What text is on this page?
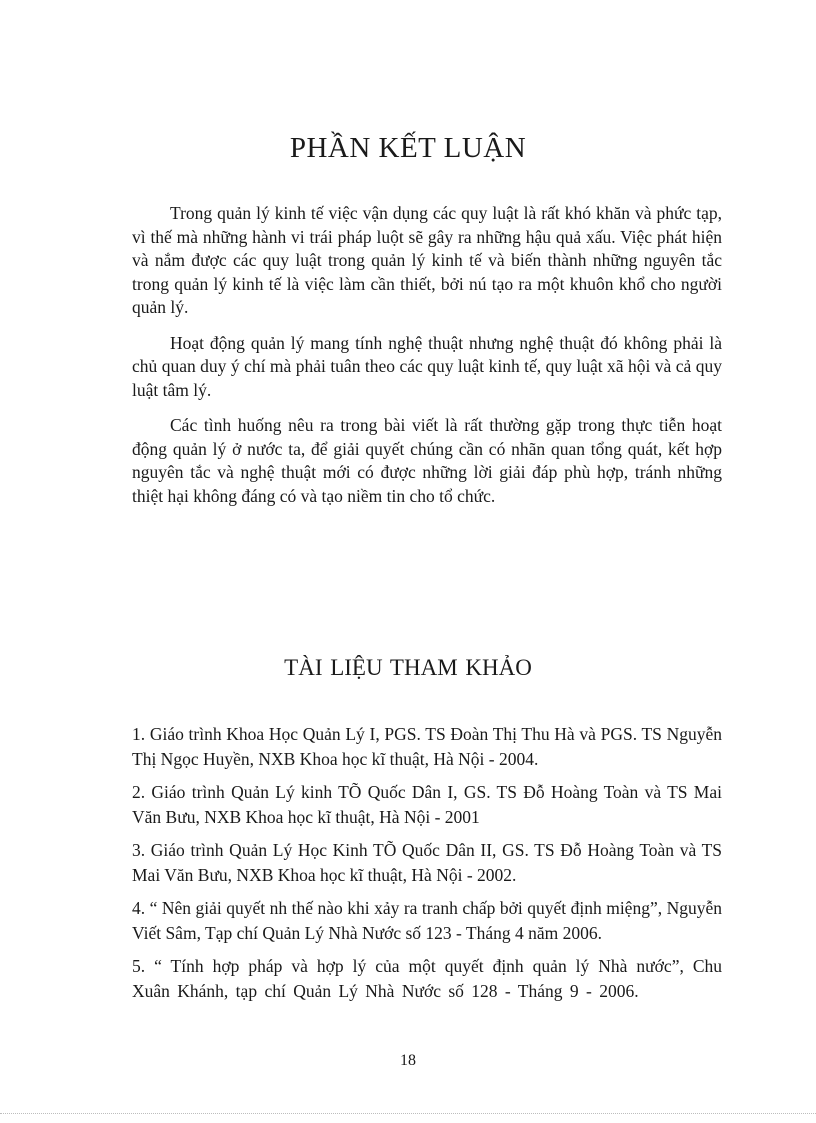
PHẦN KẾT LUẬN

Trong quản lý kinh tế việc vận dụng các quy luật là rất khó khăn và phức tạp, vì thế mà những hành vi trái pháp luột sẽ gây ra những hậu quả xấu. Việc phát hiện và nắm được các quy luật trong quản lý kinh tế và biến thành những nguyên tắc trong quản lý kinh tế là việc làm cần thiết, bởi nú tạo ra một khuôn khổ cho người quản lý.

Hoạt động quản lý mang tính nghệ thuật nhưng nghệ thuật đó không phải là chủ quan duy ý chí mà phải tuân theo các quy luật kinh tế, quy luật xã hội và cả quy luật tâm lý.

Các tình huống nêu ra trong bài viết là rất thường gặp trong thực tiễn hoạt động quản lý ở nước ta, để giải quyết chúng cần có nhãn quan tổng quát, kết hợp nguyên tắc và nghệ thuật mới có được những lời giải đáp phù hợp, tránh những thiệt hại không đáng có và tạo niềm tin cho tổ chức.

TÀI LIỆU THAM KHẢO

1. Giáo trình Khoa Học Quản Lý I, PGS. TS Đoàn Thị Thu Hà và PGS. TS Nguyễn Thị Ngọc Huyền, NXB Khoa học kĩ thuật, Hà Nội - 2004.

2. Giáo trình Quản Lý kinh TÕ Quốc Dân I, GS. TS Đỗ Hoàng Toàn và TS Mai Văn Bưu, NXB Khoa học kĩ thuật, Hà Nội - 2001

3. Giáo trình Quản Lý Học Kinh TÕ Quốc Dân II, GS. TS Đỗ Hoàng Toàn và TS Mai Văn Bưu, NXB Khoa học kĩ thuật, Hà Nội - 2002.

4. “ Nên giải quyết nh thế nào khi xảy ra tranh chấp bởi quyết định miệng”, Nguyễn Viết Sâm, Tạp chí Quản Lý Nhà Nước số 123 - Tháng 4 năm 2006.

5. “ Tính hợp pháp và hợp lý của một quyết định quản lý Nhà nước”, Chu Xuân Khánh, tạp chí Quản Lý Nhà Nước số 128 - Tháng 9 - 2006.

18
